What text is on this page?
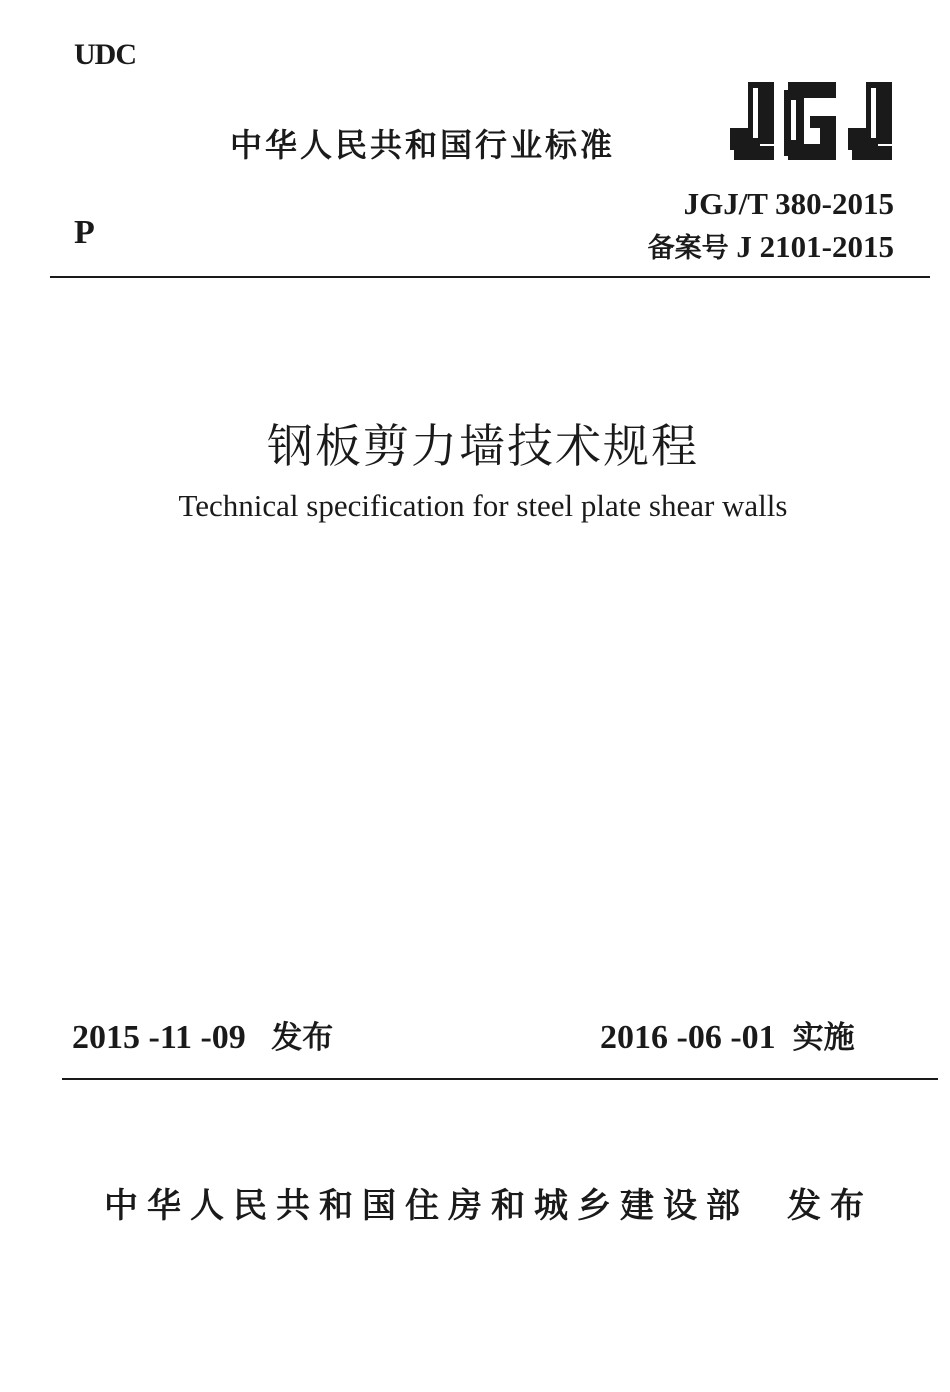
UDC
中华人民共和国行业标准
JGJ/T 380-2015
P	备案号 J 2101-2015
钢板剪力墙技术规程
Technical specification for steel plate shear walls
2015 -11 -09 发布	2016 -06 -01 实施
中华人民共和国住房和城乡建设部 发布
